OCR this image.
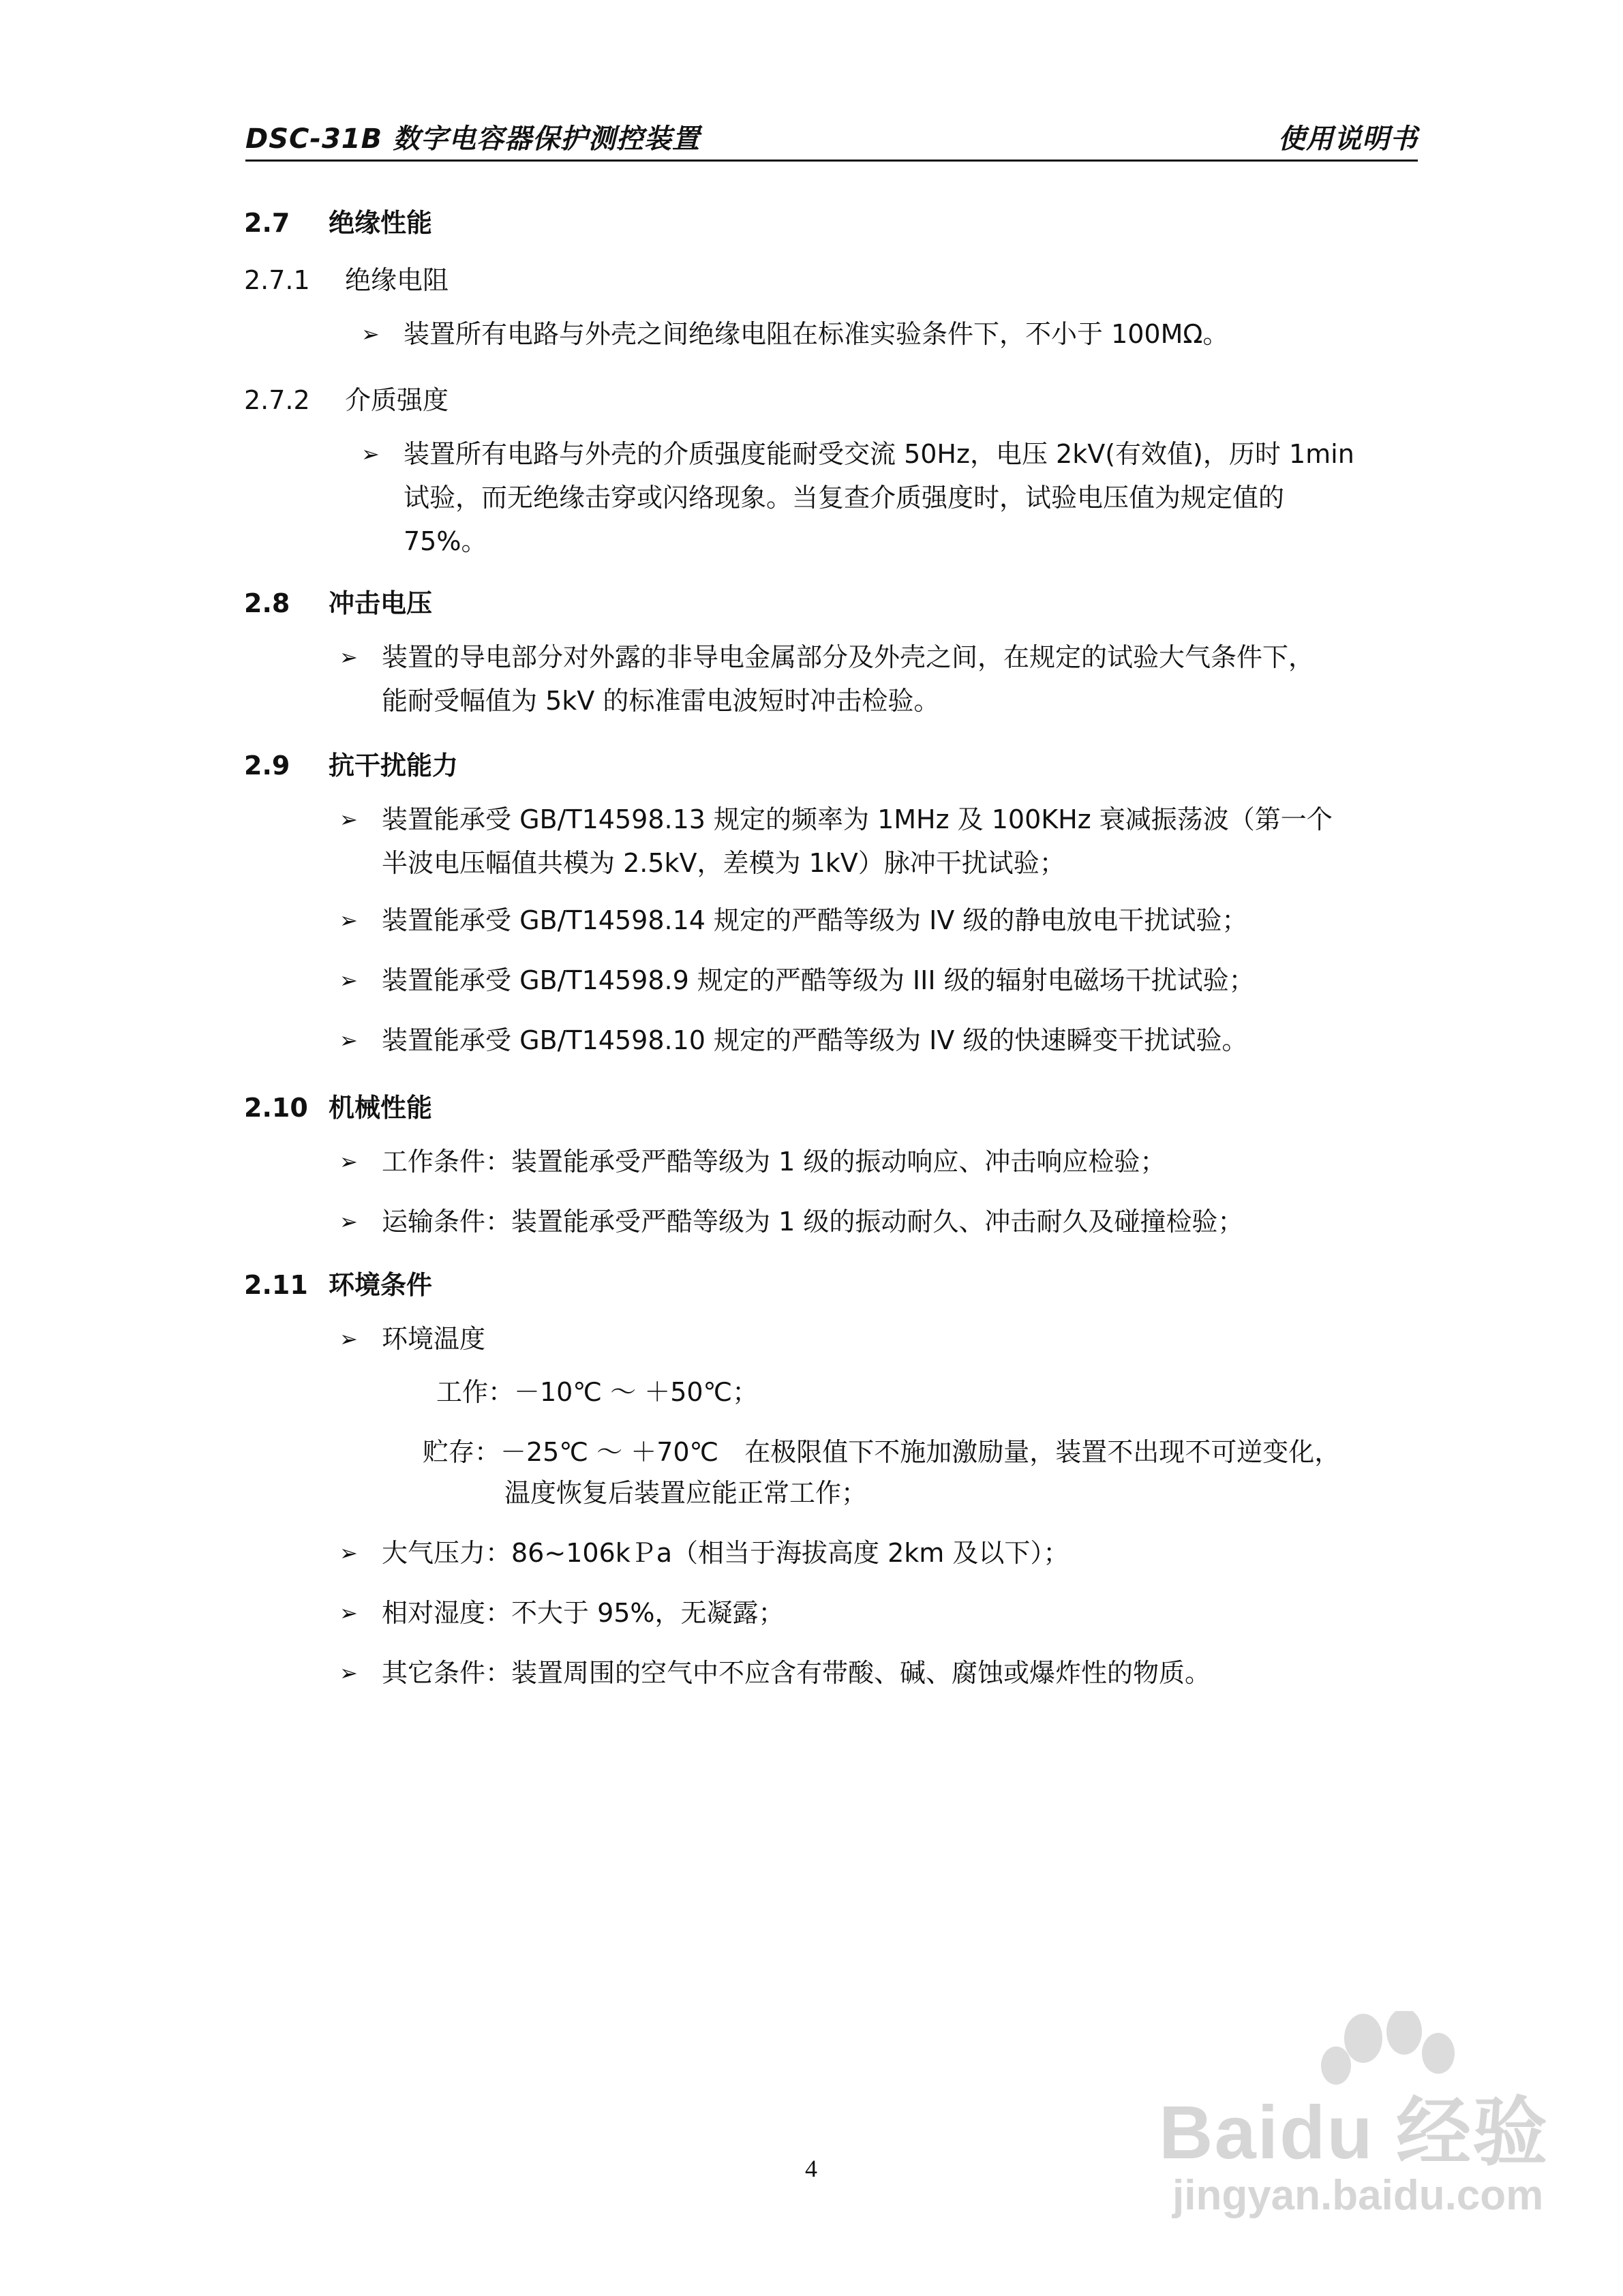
DSC-31B 数字电容器保护测控装置	使用说明书
2.7 绝缘性能
2.7.1 绝缘电阻
➢ 装置所有电路与外壳之间绝缘电阻在标准实验条件下，不小于 100MΩ。
2.7.2 介质强度
➢ 装置所有电路与外壳的介质强度能耐受交流 50Hz，电压 2kV(有效值)，历时 1min
试验，而无绝缘击穿或闪络现象。当复查介质强度时，试验电压值为规定值的
75%。
2.8 冲击电压
➢ 装置的导电部分对外露的非导电金属部分及外壳之间，在规定的试验大气条件下，
能耐受幅值为 5kV 的标准雷电波短时冲击检验。
2.9 抗干扰能力
➢ 装置能承受 GB/T14598.13 规定的频率为 1MHz 及 100KHz 衰减振荡波（第一个
半波电压幅值共模为 2.5kV，差模为 1kV）脉冲干扰试验；
➢ 装置能承受 GB/T14598.14 规定的严酷等级为 IV 级的静电放电干扰试验；
➢ 装置能承受 GB/T14598.9 规定的严酷等级为 III 级的辐射电磁场干扰试验；
➢ 装置能承受 GB/T14598.10 规定的严酷等级为 IV 级的快速瞬变干扰试验。
2.10 机械性能
➢ 工作条件：装置能承受严酷等级为 1 级的振动响应、冲击响应检验；
➢ 运输条件：装置能承受严酷等级为 1 级的振动耐久、冲击耐久及碰撞检验；
2.11 环境条件
➢ 环境温度
工作：－10℃ ～ ＋50℃；
贮存：－25℃ ～ ＋70℃　在极限值下不施加激励量，装置不出现不可逆变化，
温度恢复后装置应能正常工作；
➢ 大气压力：86~106kＰa（相当于海拔高度 2km 及以下）；
➢ 相对湿度：不大于 95%，无凝露；
➢ 其它条件：装置周围的空气中不应含有带酸、碱、腐蚀或爆炸性的物质。
4	Baidu 经验
jingyan.baidu.com
